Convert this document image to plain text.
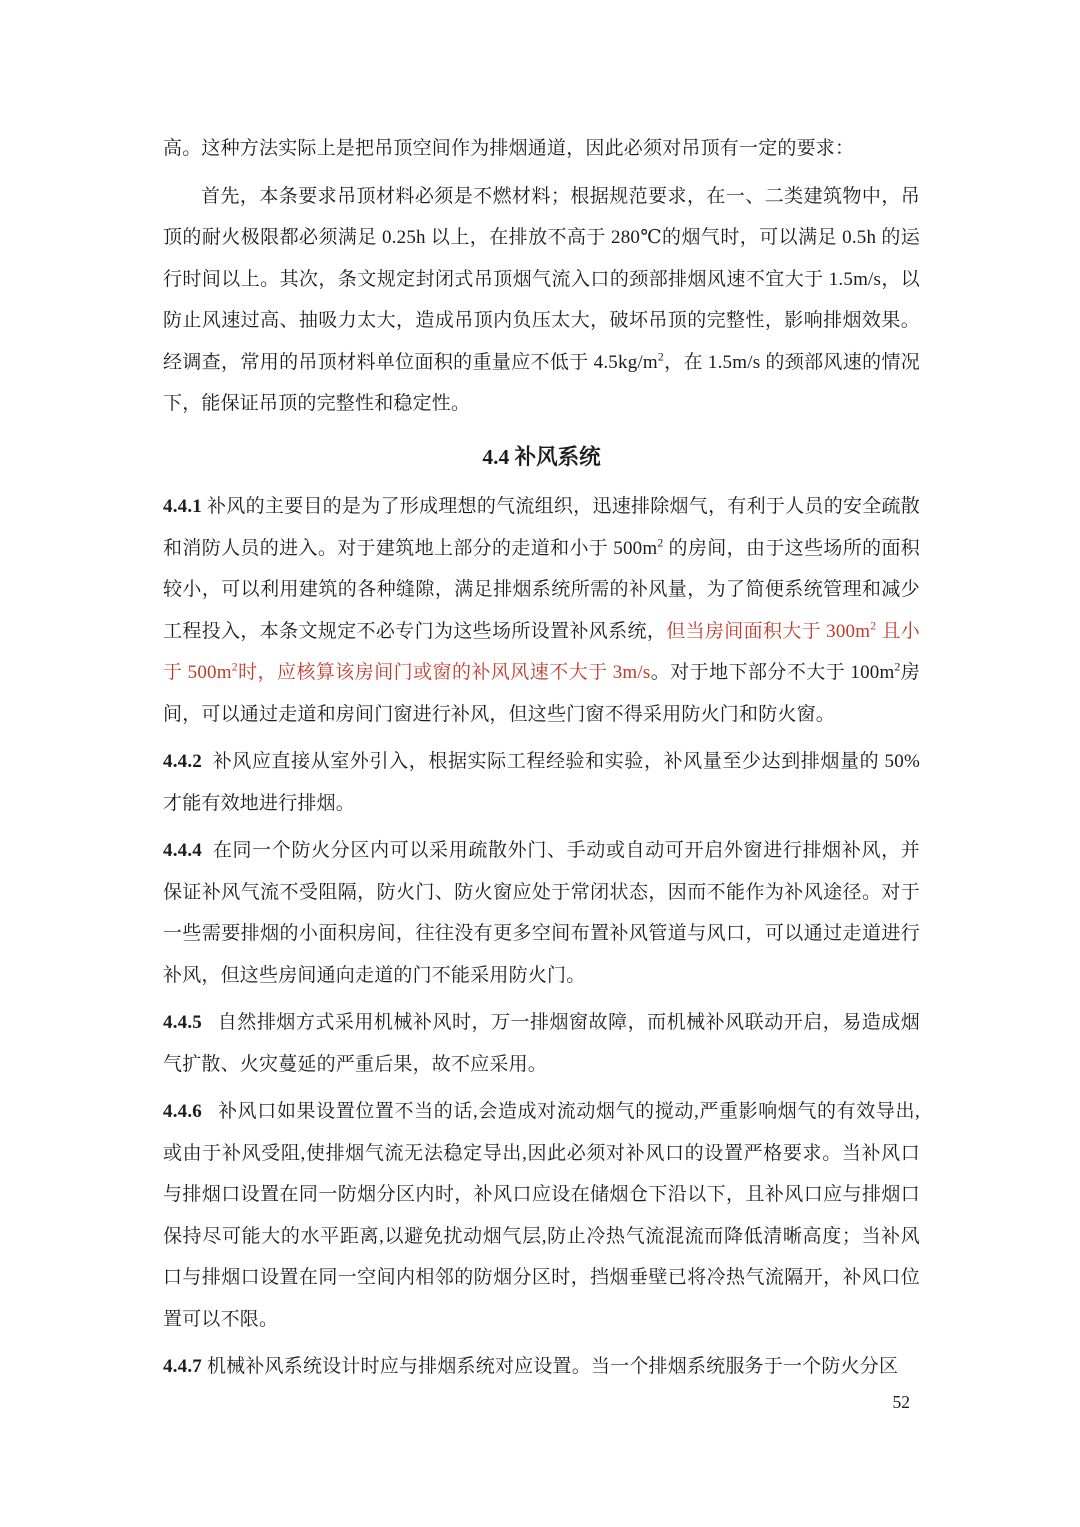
高。这种方法实际上是把吊顶空间作为排烟通道，因此必须对吊顶有一定的要求：

首先，本条要求吊顶材料必须是不燃材料；根据规范要求，在一、二类建筑物中，吊顶的耐火极限都必须满足 0.25h 以上，在排放不高于 280℃的烟气时，可以满足 0.5h 的运行时间以上。其次，条文规定封闭式吊顶烟气流入口的颈部排烟风速不宜大于 1.5m/s，以防止风速过高、抽吸力太大，造成吊顶内负压太大，破坏吊顶的完整性，影响排烟效果。经调查，常用的吊顶材料单位面积的重量应不低于 $4.5kg/m^2$，在 1.5m/s 的颈部风速的情况下，能保证吊顶的完整性和稳定性。

4.4 补风系统

4.4.1 补风的主要目的是为了形成理想的气流组织，迅速排除烟气，有利于人员的安全疏散和消防人员的进入。对于建筑地上部分的走道和小于 $500m^2$ 的房间，由于这些场所的面积较小，可以利用建筑的各种缝隙，满足排烟系统所需的补风量，为了简便系统管理和减少工程投入，本条文规定不必专门为这些场所设置补风系统，但当房间面积大于 $300m^2$ 且小于 $500m^2$时，应核算该房间门或窗的补风风速不大于 3m/s。对于地下部分不大于 $100m^2$房间，可以通过走道和房间门窗进行补风，但这些门窗不得采用防火门和防火窗。

4.4.2  补风应直接从室外引入，根据实际工程经验和实验，补风量至少达到排烟量的 50%才能有效地进行排烟。

4.4.4  在同一个防火分区内可以采用疏散外门、手动或自动可开启外窗进行排烟补风，并保证补风气流不受阻隔，防火门、防火窗应处于常闭状态，因而不能作为补风途径。对于一些需要排烟的小面积房间，往往没有更多空间布置补风管道与风口，可以通过走道进行补风，但这些房间通向走道的门不能采用防火门。

4.4.5   自然排烟方式采用机械补风时，万一排烟窗故障，而机械补风联动开启，易造成烟气扩散、火灾蔓延的严重后果，故不应采用。

4.4.6   补风口如果设置位置不当的话,会造成对流动烟气的搅动,严重影响烟气的有效导出,或由于补风受阻,使排烟气流无法稳定导出,因此必须对补风口的设置严格要求。当补风口与排烟口设置在同一防烟分区内时，补风口应设在储烟仓下沿以下，且补风口应与排烟口保持尽可能大的水平距离,以避免扰动烟气层,防止冷热气流混流而降低清晰高度；当补风口与排烟口设置在同一空间内相邻的防烟分区时，挡烟垂壁已将冷热气流隔开，补风口位置可以不限。

4.4.7 机械补风系统设计时应与排烟系统对应设置。当一个排烟系统服务于一个防火分区

52
